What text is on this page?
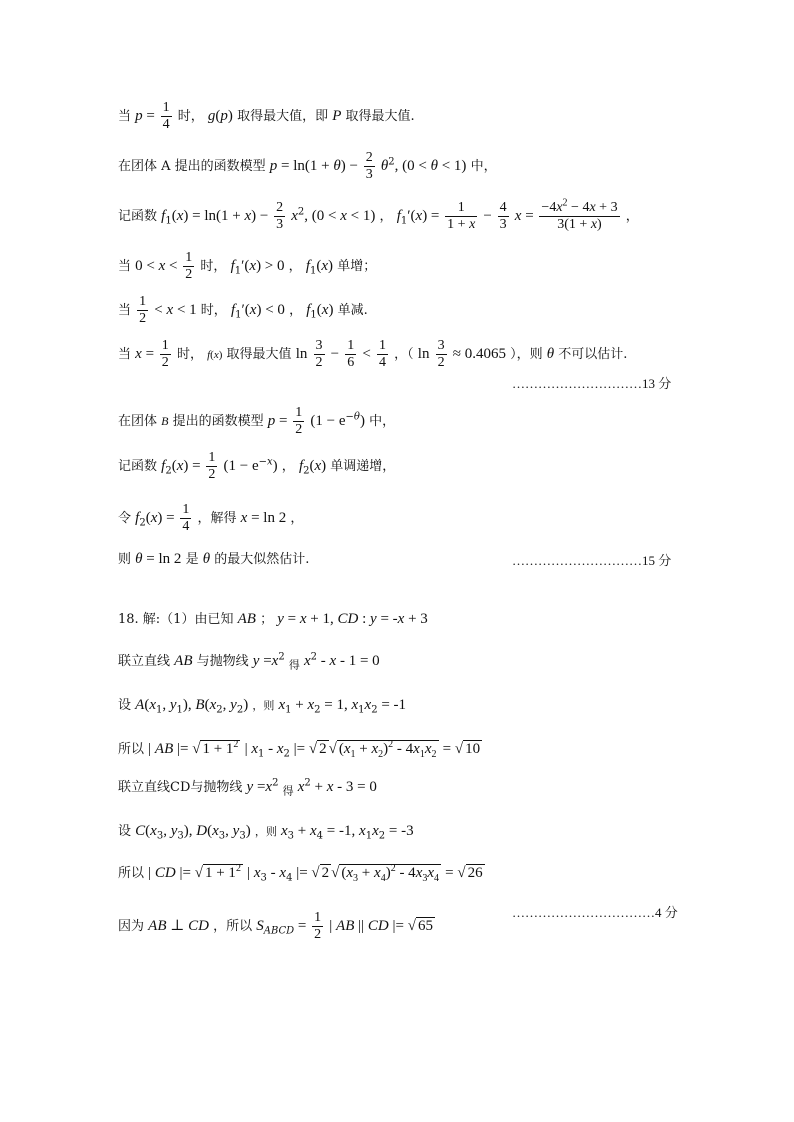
当 $p = \frac{1}{4}$ 时， g(p) 取得最大值，即 P 取得最大值.
在团体 A 提出的函数模型 $p = \ln(1 + \theta) - \frac{2}{3} \theta^2$, (0 < θ < 1) 中，
记函数 $f_1(x) = \ln(1 + x) - \frac{2}{3} x^2$, (0 < x < 1) ， $f_1'(x) = \frac{1}{1 + x} - \frac{4}{3}$ $x = \frac{-4x^2 - 4x + 3}{3(1 + x)}$ ，
当 $0 < x < \frac{1}{2}$ 时， $f_1'(x) > 0$ ， $f_1(x)$ 单增；
当 $\frac{1}{2} < x < 1$ 时， $f_1'(x) < 0$ ， $f_1(x)$ 单减.
当 $x = \frac{1}{2}$ 时， f(x) 取得最大值 $\ln \frac{3}{2} - \frac{1}{6} < \frac{1}{4}$ ，（ $\ln \frac{3}{2} \approx 0.4065$ ），则 θ 不可以估计.
…………………………13 分
在团体 B 提出的函数模型 $p = \frac{1}{2} (1 - e^{-\theta})$ 中，
记函数 $f_2(x) = \frac{1}{2} (1 - e^{-x})$ ， $f_2(x)$ 单调递增，
令 $f_2(x) = \frac{1}{4}$ ，解得 x = ln 2 ，
则 θ = ln 2 是 θ 的最大似然估计.	…………………………15 分
18. 解:（1）由已知 AB ； y = x + 1, CD : y = -x + 3
联立直线 AB 与抛物线 $y =x^2$ $_得$ $x^2 - x - 1 = 0$
设 $A(x_1$, $y_1$), $B(x_2$, $y_2$) ，则 $x_1 + x_2 = 1$, $x_1x_2 = -1$
所以 | AB |= √ $1 + 1^2$ | $x_1 - x_2$ |= √ 2 √ $(x_1 + x_2)^2 - 4x_1x_2$ = √ 10
联立直线CD与抛物线 $y =x^2$ $_得$ $x^2 + x - 3 = 0$
设 $C(x_3$, $y_3$), $D(x_3$, $y_3$) ，则 $x_3 + x_4 = -1$, $x_1x_2 = -3$
所以 | CD |= √ $1 + 1^2$ | $x_3 - x_4$ |= √ 2 √ $(x_3 + x_4)^2 - 4x_3x_4$ = √ 26
因为 AB ⊥ CD ，所以 $S_{ABCD} = \frac{1}{2}$ | AB || CD |= √ 65
……………………………4 分
